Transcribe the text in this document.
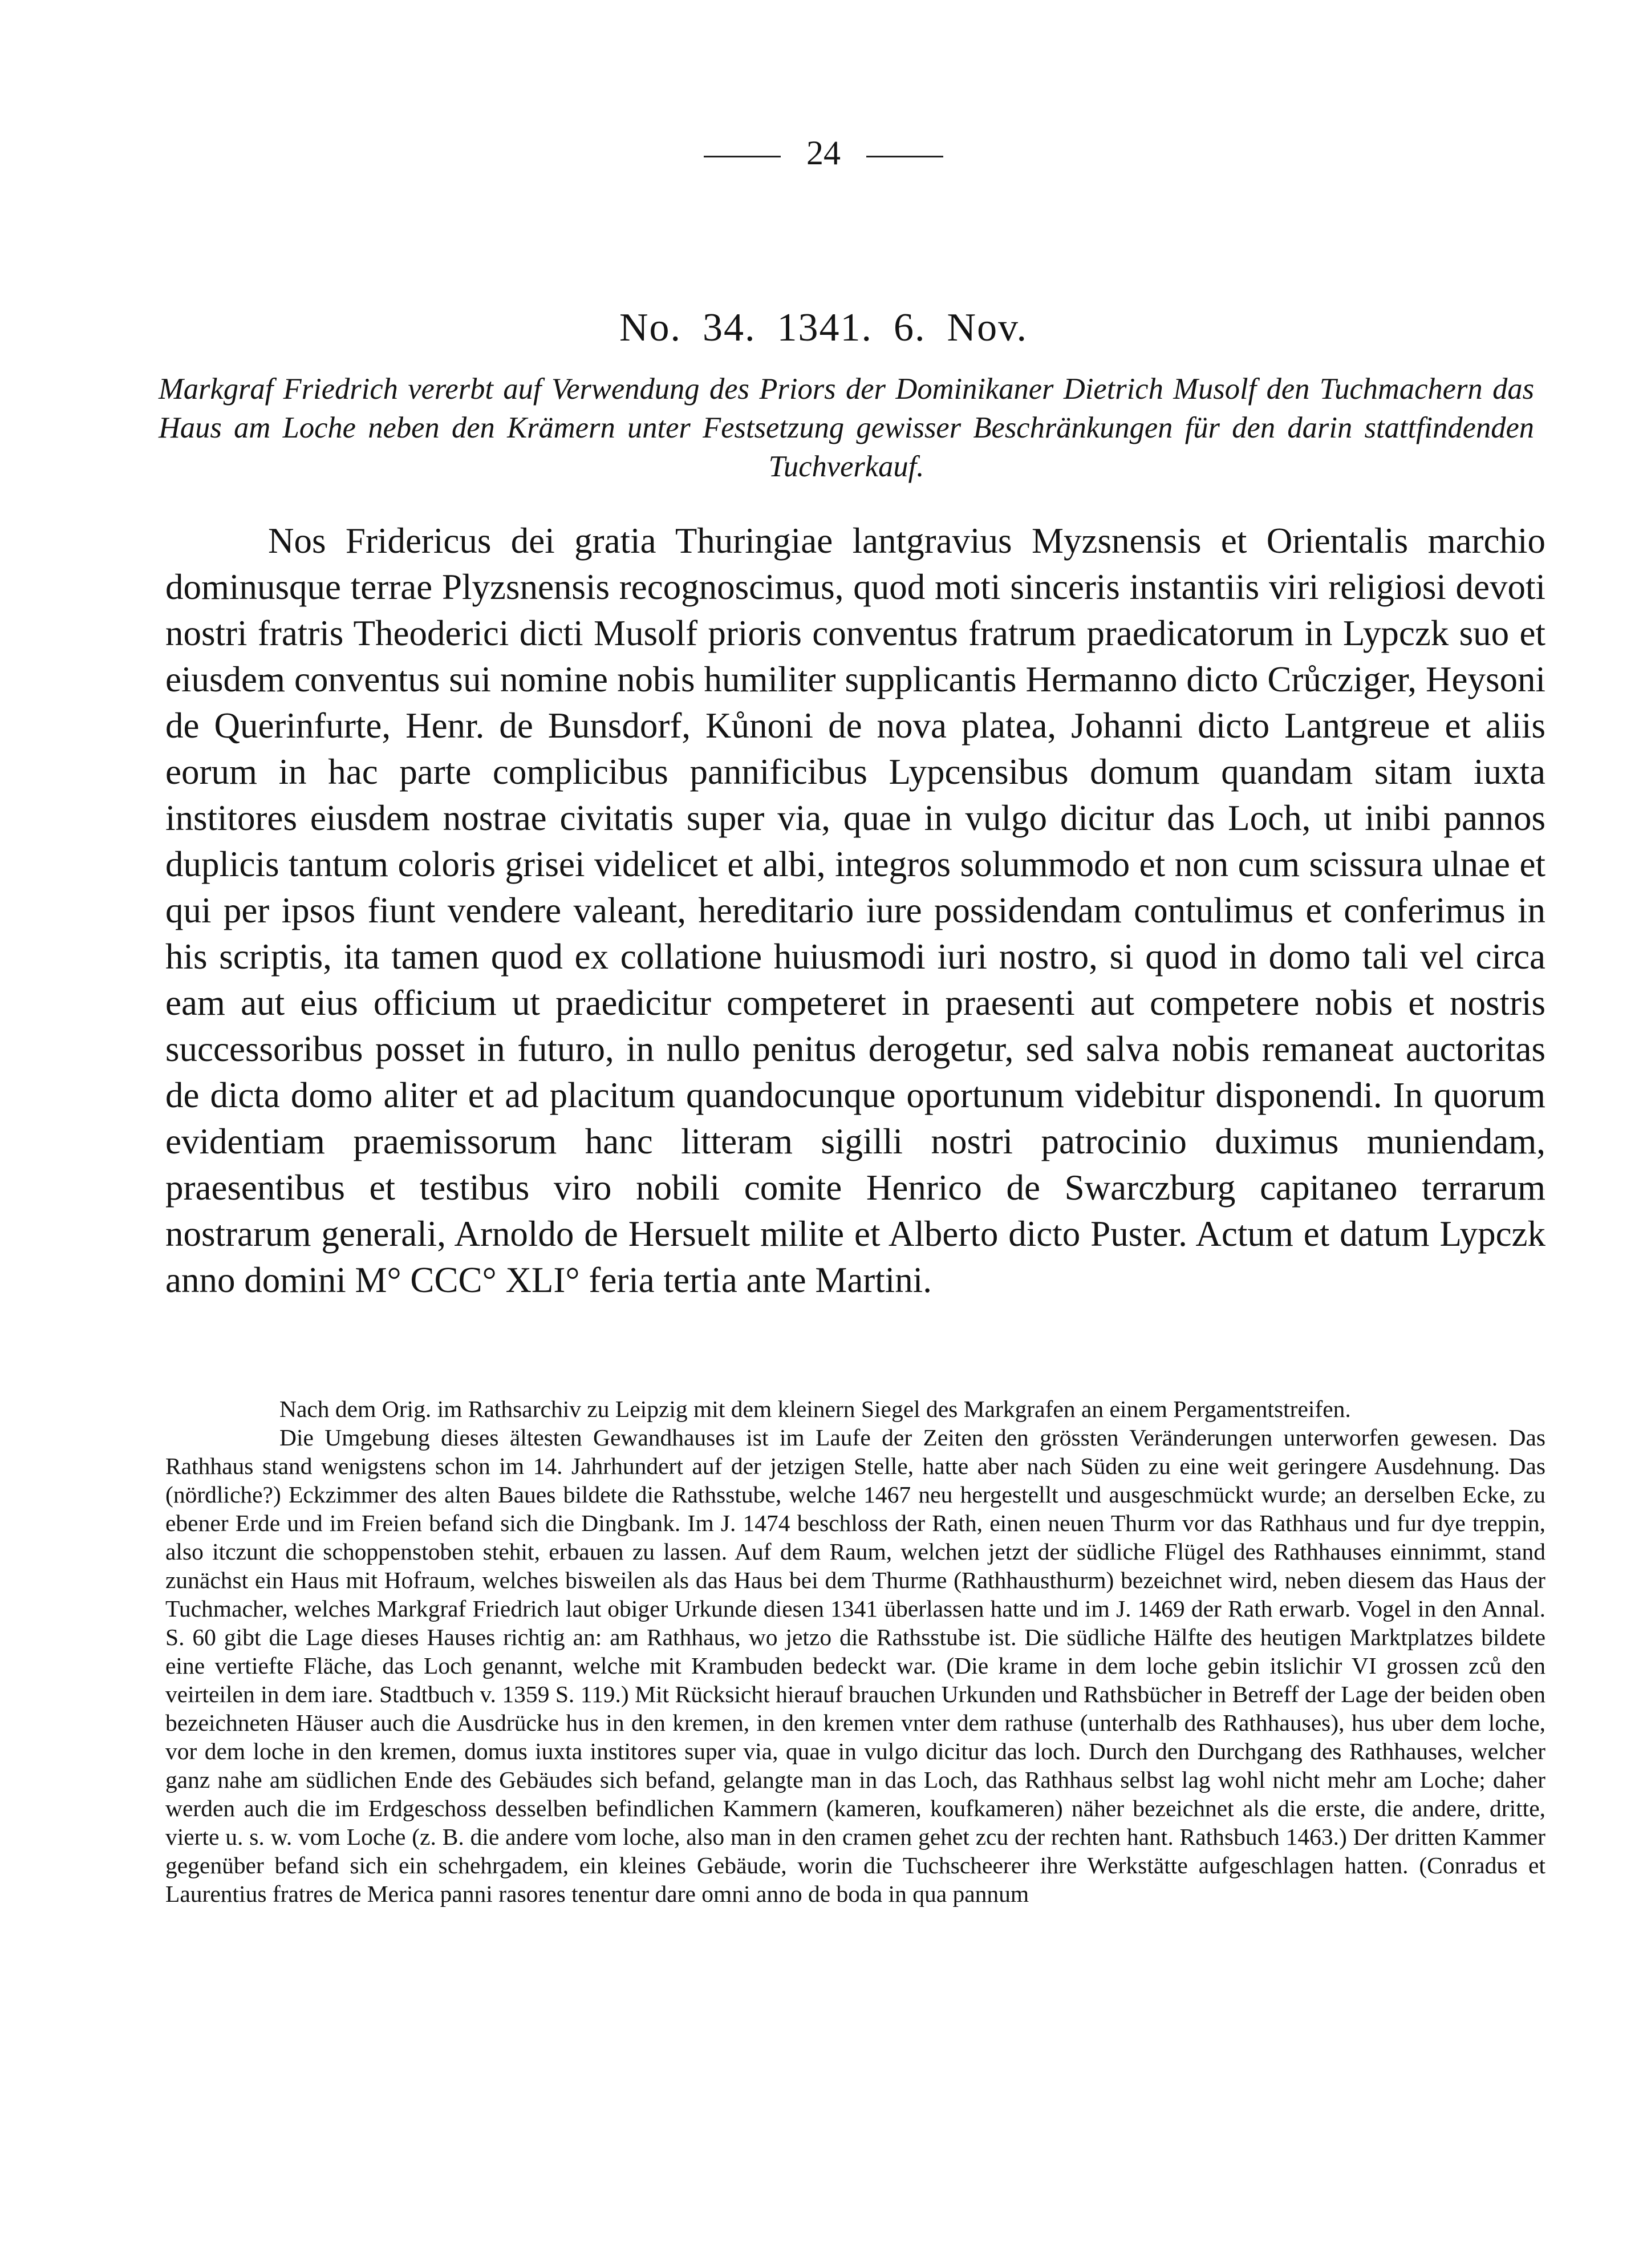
24
No. 34. 1341. 6. Nov.
Markgraf Friedrich vererbt auf Verwendung des Priors der Dominikaner Dietrich Musolf den Tuchmachern das Haus am Loche neben den Krämern unter Festsetzung gewisser Beschränkungen für den darin stattfindenden Tuchverkauf.

Nos Fridericus dei gratia Thuringiae lantgravius Myzsnensis et Orientalis marchio dominusque terrae Plyzsnensis recognoscimus, quod moti sinceris instantiis viri religiosi devoti nostri fratris Theoderici dicti Musolf prioris conventus fratrum praedicatorum in Lypczk suo et eiusdem conventus sui nomine nobis humiliter supplicantis Hermanno dicto Crůcziger, Heysoni de Querinfurte, Henr. de Bunsdorf, Kůnoni de nova platea, Johanni dicto Lantgreue et aliis eorum in hac parte complicibus pannificibus Lypcensibus domum quandam sitam iuxta institores eiusdem nostrae civitatis super via, quae in vulgo dicitur das Loch, ut inibi pannos duplicis tantum coloris grisei videlicet et albi, integros solummodo et non cum scissura ulnae et qui per ipsos fiunt vendere valeant, hereditario iure possidendam contulimus et conferimus in his scriptis, ita tamen quod ex collatione huiusmodi iuri nostro, si quod in domo tali vel circa eam aut eius officium ut praedicitur competeret in praesenti aut competere nobis et nostris successoribus posset in futuro, in nullo penitus derogetur, sed salva nobis remaneat auctoritas de dicta domo aliter et ad placitum quandocunque oportunum videbitur disponendi. In quorum evidentiam praemissorum hanc litteram sigilli nostri patrocinio duximus muniendam, praesentibus et testibus viro nobili comite Henrico de Swarczburg capitaneo terrarum nostrarum generali, Arnoldo de Hersuelt milite et Alberto dicto Puster. Actum et datum Lypczk anno domini M° CCC° XLI° feria tertia ante Martini.

Nach dem Orig. im Rathsarchiv zu Leipzig mit dem kleinern Siegel des Markgrafen an einem Pergamentstreifen.

Die Umgebung dieses ältesten Gewandhauses ist im Laufe der Zeiten den grössten Veränderungen unterworfen gewesen. Das Rathhaus stand wenigstens schon im 14. Jahrhundert auf der jetzigen Stelle, hatte aber nach Süden zu eine weit geringere Ausdehnung. Das (nördliche?) Eckzimmer des alten Baues bildete die Rathsstube, welche 1467 neu hergestellt und ausgeschmückt wurde; an derselben Ecke, zu ebener Erde und im Freien befand sich die Dingbank. Im J. 1474 beschloss der Rath, einen neuen Thurm vor das Rathhaus und fur dye treppin, also itczunt die schoppenstoben stehit, erbauen zu lassen. Auf dem Raum, welchen jetzt der südliche Flügel des Rathhauses einnimmt, stand zunächst ein Haus mit Hofraum, welches bisweilen als das Haus bei dem Thurme (Rathhausthurm) bezeichnet wird, neben diesem das Haus der Tuchmacher, welches Markgraf Friedrich laut obiger Urkunde diesen 1341 überlassen hatte und im J. 1469 der Rath erwarb. Vogel in den Annal. S. 60 gibt die Lage dieses Hauses richtig an: am Rathhaus, wo jetzo die Rathsstube ist. Die südliche Hälfte des heutigen Marktplatzes bildete eine vertiefte Fläche, das Loch genannt, welche mit Krambuden bedeckt war. (Die krame in dem loche gebin itslichir VI grossen zců den veirteilen in dem iare. Stadtbuch v. 1359 S. 119.) Mit Rücksicht hierauf brauchen Urkunden und Rathsbücher in Betreff der Lage der beiden oben bezeichneten Häuser auch die Ausdrücke hus in den kremen, in den kremen vnter dem rathuse (unterhalb des Rathhauses), hus uber dem loche, vor dem loche in den kremen, domus iuxta institores super via, quae in vulgo dicitur das loch. Durch den Durchgang des Rathhauses, welcher ganz nahe am südlichen Ende des Gebäudes sich befand, gelangte man in das Loch, das Rathhaus selbst lag wohl nicht mehr am Loche; daher werden auch die im Erdgeschoss desselben befindlichen Kammern (kameren, koufkameren) näher bezeichnet als die erste, die andere, dritte, vierte u. s. w. vom Loche (z. B. die andere vom loche, also man in den cramen gehet zcu der rechten hant. Rathsbuch 1463.) Der dritten Kammer gegenüber befand sich ein schehrgadem, ein kleines Gebäude, worin die Tuchscheerer ihre Werkstätte aufgeschlagen hatten. (Conradus et Laurentius fratres de Merica panni rasores tenentur dare omni anno de boda in qua pannum
